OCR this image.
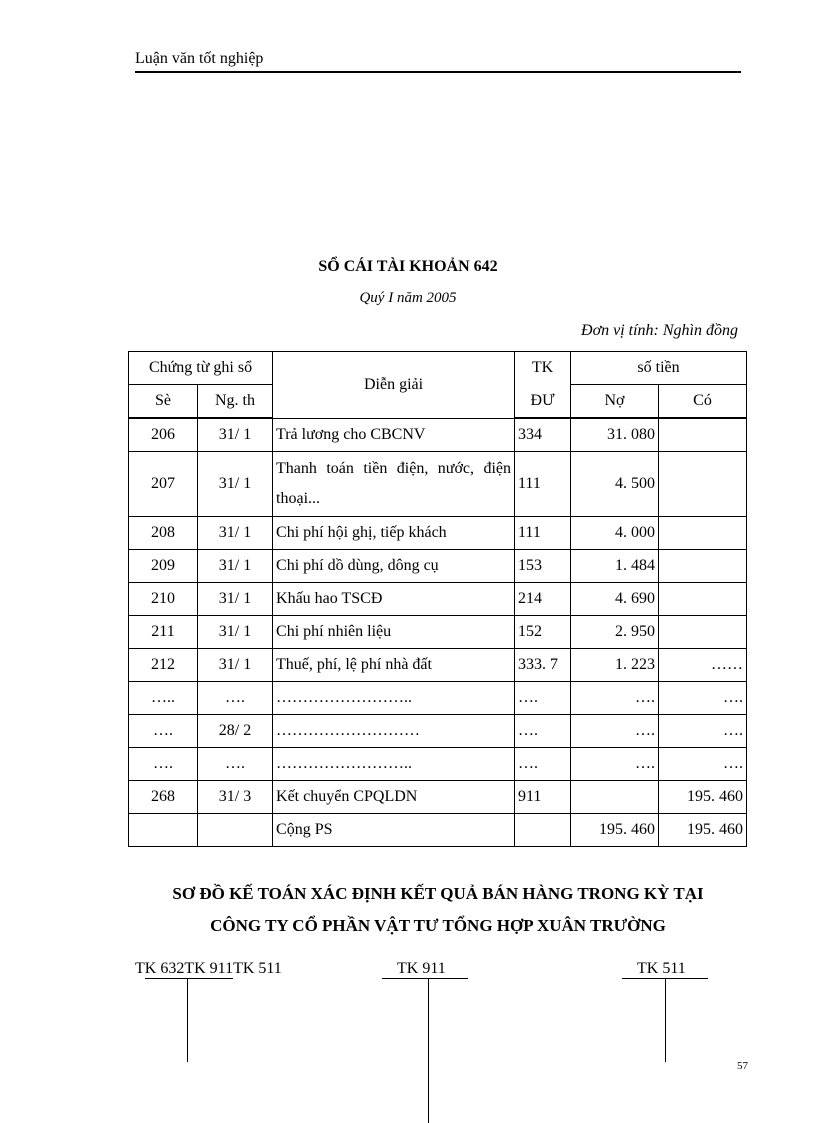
Luận văn tốt nghiệp
SỔ CÁI TÀI KHOẢN 642
Quý I năm 2005
Đơn vị tính: Nghìn đồng
Chứng từ ghi sổ		Diễn giải	TK	số tiền	
Sè	Ng. th		ĐƯ	Nợ	Có
206	31/ 1	Trả lương cho CBCNV	334	31. 080	
207	31/ 1	Thanh toán tiền điện, nước, điện thoại...	111	4. 500	
208	31/ 1	Chi phí hội ghị, tiếp khách	111	4. 000	
209	31/ 1	Chi phí dồ dùng, dông cụ	153	1. 484	
210	31/ 1	Khấu hao TSCĐ	214	4. 690	
211	31/ 1	Chi phí nhiên liệu	152	2. 950	
212	31/ 1	Thuế, phí, lệ phí nhà đất	333. 7	1. 223	……
…..	….	……………………..	….	….	….
….	28/ 2	………………………	….	….	….
….	….	……………………..	….	….	….
268	31/ 3	Kết chuyển CPQLDN	911		195. 460
		Cộng PS		195. 460	195. 460
SƠ ĐỒ KẾ TOÁN XÁC ĐỊNH KẾT QUẢ BÁN HÀNG TRONG KỲ TẠI
CÔNG TY CỔ PHẦN VẬT TƯ TỔNG HỢP XUÂN TRƯỜNG
TK 632TK 911TK 511	TK 911	TK 511
57
